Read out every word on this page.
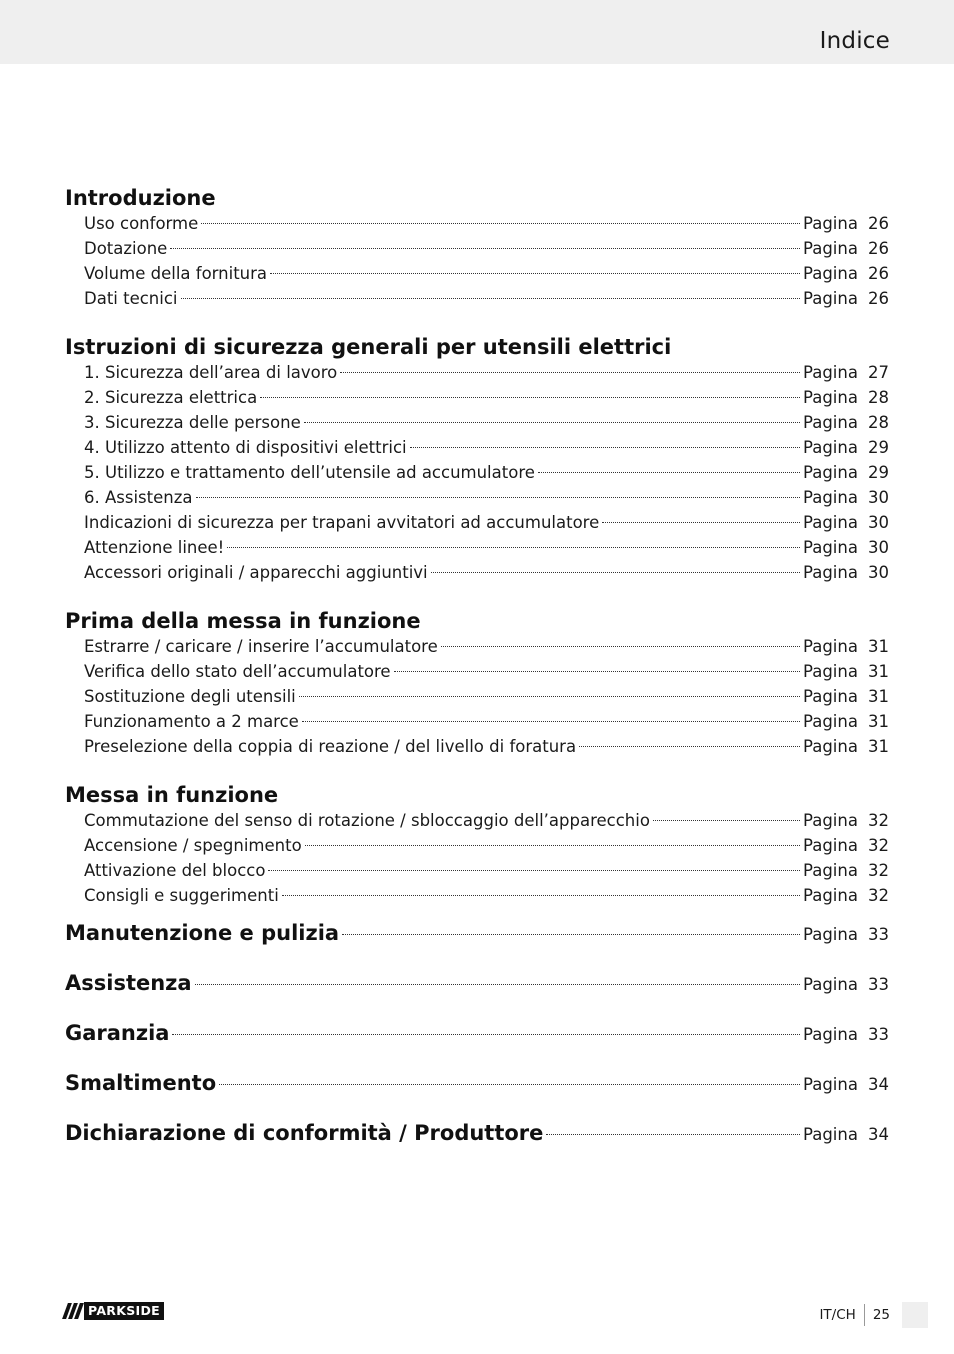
Indice
Introduzione
Uso conforme	Pagina 26
Dotazione	Pagina 26
Volume della fornitura	Pagina 26
Dati tecnici	Pagina 26
Istruzioni di sicurezza generali per utensili elettrici
1. Sicurezza dell’area di lavoro	Pagina 27
2. Sicurezza elettrica	Pagina 28
3. Sicurezza delle persone	Pagina 28
4. Utilizzo attento di dispositivi elettrici	Pagina 29
5. Utilizzo e trattamento dell’utensile ad accumulatore	Pagina 29
6. Assistenza	Pagina 30
Indicazioni di sicurezza per trapani avvitatori ad accumulatore	Pagina 30
Attenzione linee!	Pagina 30
Accessori originali / apparecchi aggiuntivi	Pagina 30
Prima della messa in funzione
Estrarre / caricare / inserire l’accumulatore	Pagina 31
Verifica dello stato dell’accumulatore	Pagina 31
Sostituzione degli utensili	Pagina 31
Funzionamento a 2 marce	Pagina 31
Preselezione della coppia di reazione / del livello di foratura	Pagina 31
Messa in funzione
Commutazione del senso di rotazione / sbloccaggio dell’apparecchio	Pagina 32
Accensione / spegnimento	Pagina 32
Attivazione del blocco	Pagina 32
Consigli e suggerimenti	Pagina 32
Manutenzione e pulizia	Pagina 33
Assistenza	Pagina 33
Garanzia	Pagina 33
Smaltimento	Pagina 34
Dichiarazione di conformità / Produttore	Pagina 34
PARKSIDE	IT/CH	25
